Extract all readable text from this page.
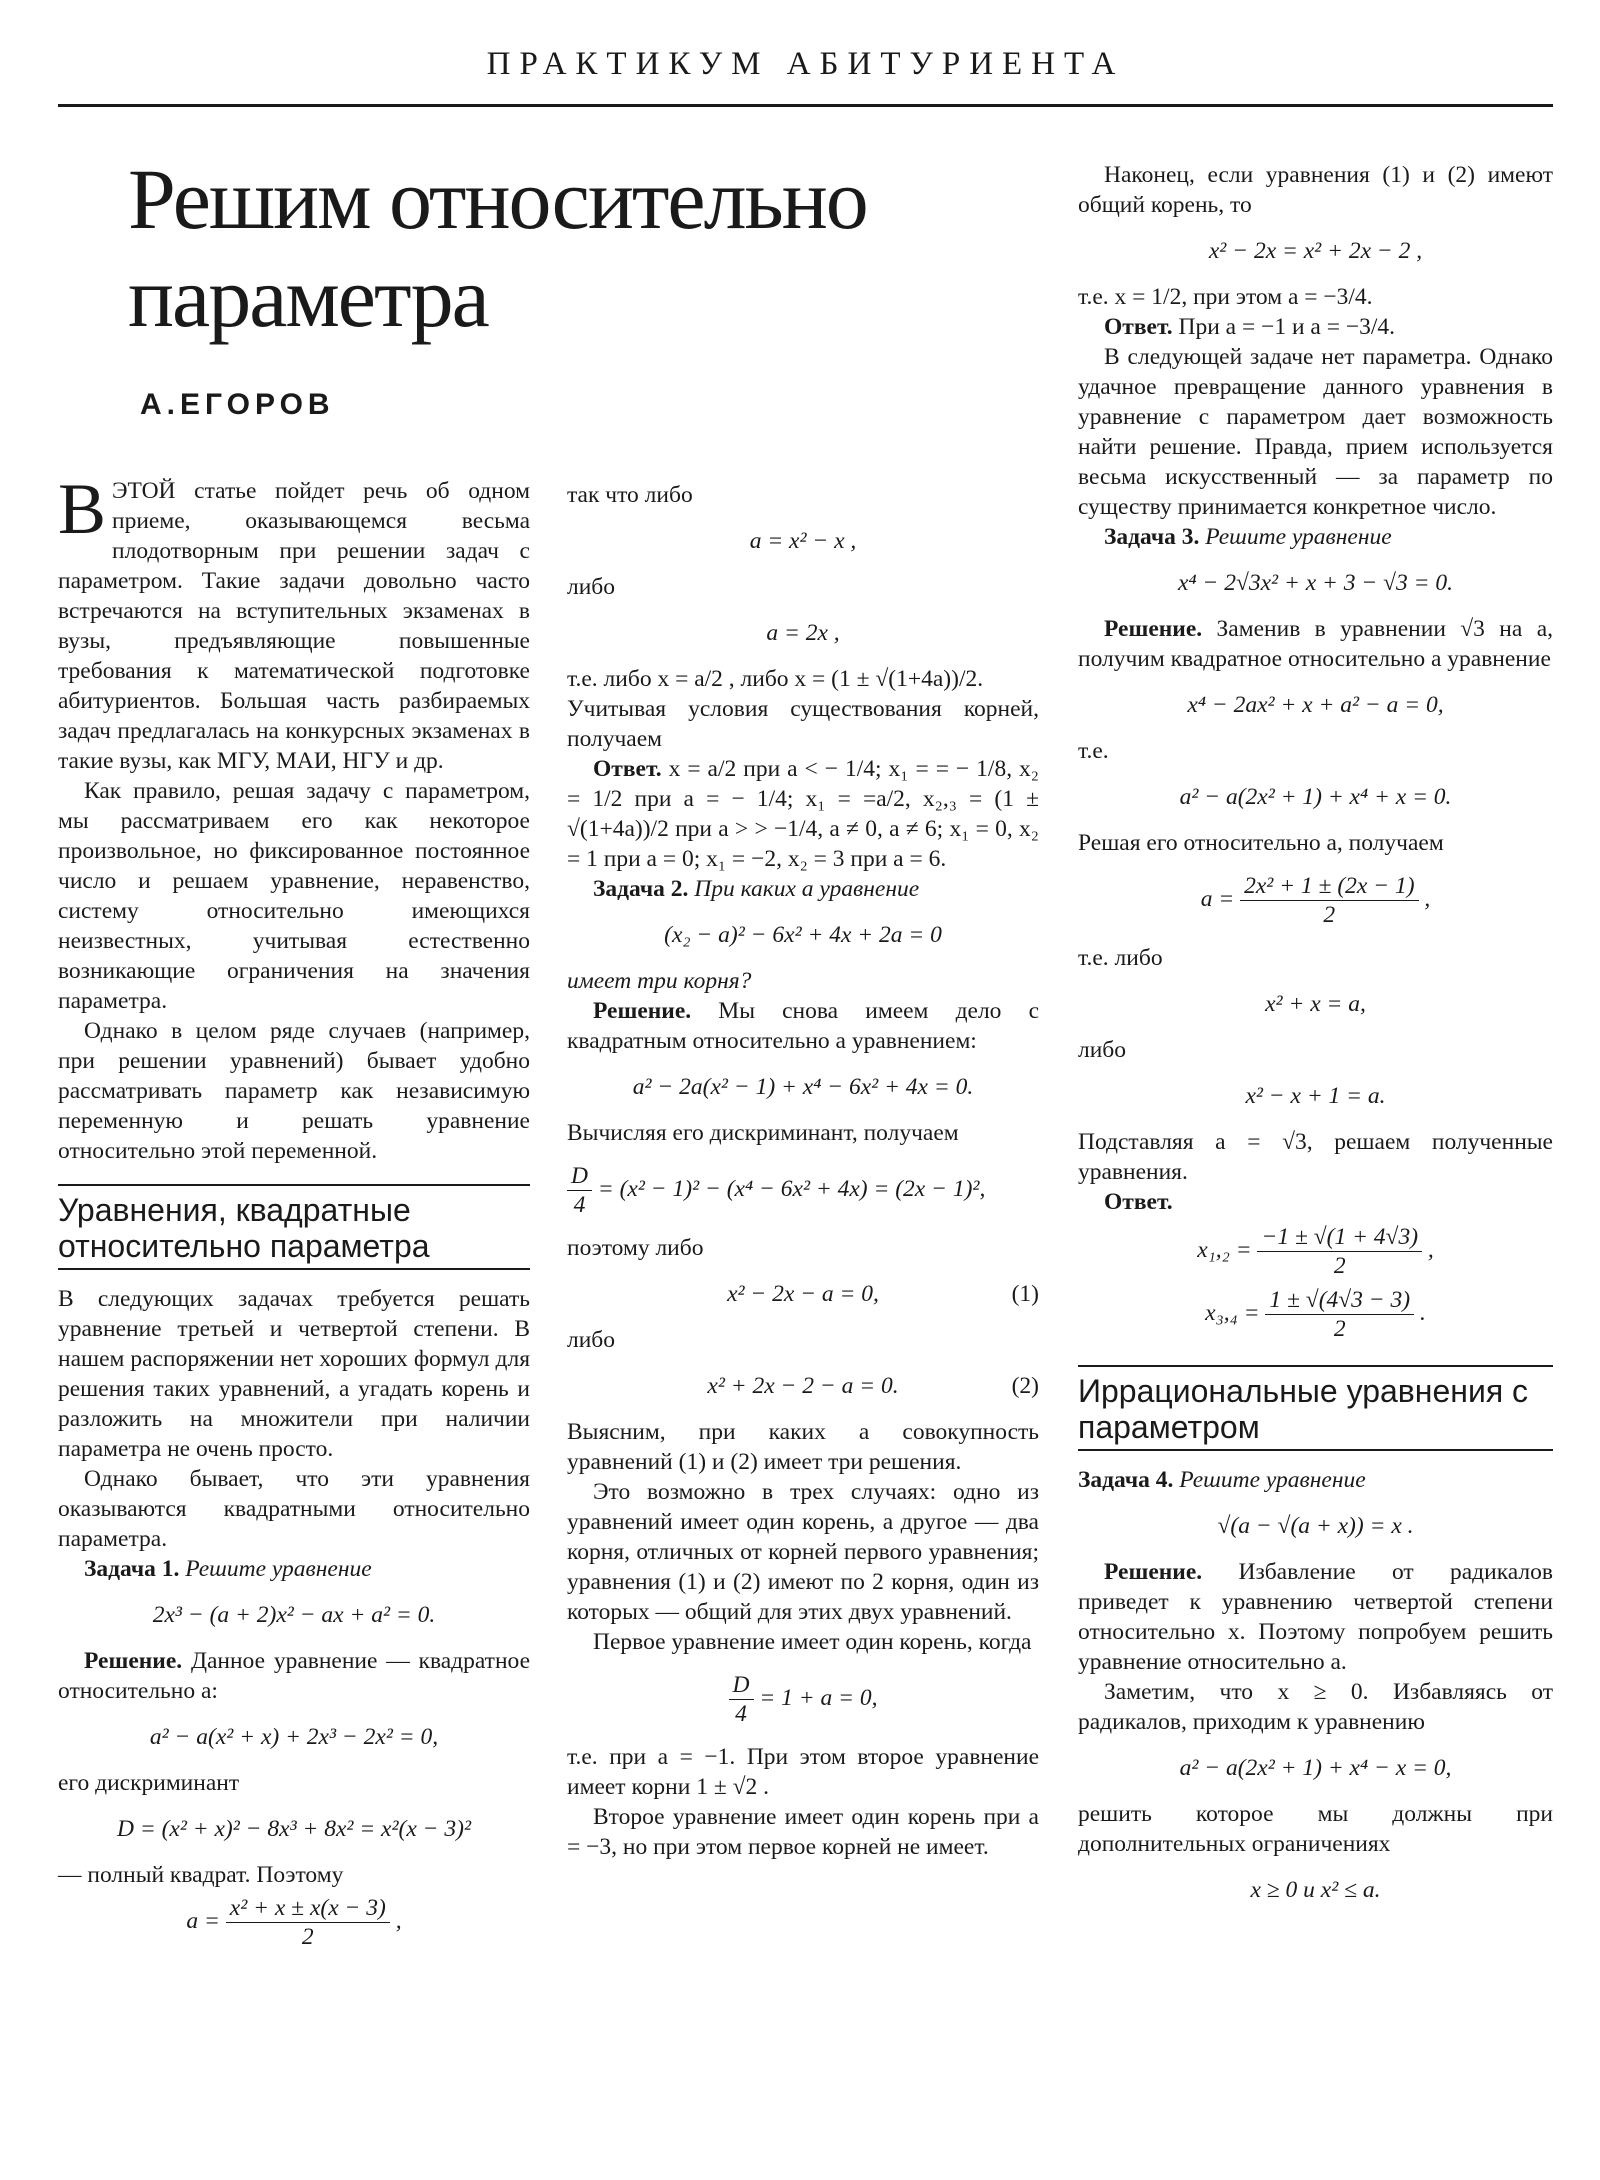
ПРАКТИКУМ АБИТУРИЕНТА
Решим относительно
параметра
А.ЕГОРОВ

ВЭТОЙ статье пойдет речь об одном приеме, оказывающемся весьма плодотворным при решении задач с параметром. Такие задачи довольно часто встречаются на вступительных экзаменах в вузы, предъявляющие повышенные требования к математической подготовке абитуриентов. Большая часть разбираемых задач предлагалась на конкурсных экзаменах в такие вузы, как МГУ, МАИ, НГУ и др.

Как правило, решая задачу с параметром, мы рассматриваем его как некоторое произвольное, но фиксированное постоянное число и решаем уравнение, неравенство, систему относительно имеющихся неизвестных, учитывая естественно возникающие ограничения на значения параметра.

Однако в целом ряде случаев (например, при решении уравнений) бывает удобно рассматривать параметр как независимую переменную и решать уравнение относительно этой переменной.

Уравнения, квадратные относительно параметра

В следующих задачах требуется решать уравнение третьей и четвертой степени. В нашем распоряжении нет хороших формул для решения таких уравнений, а угадать корень и разложить на множители при наличии параметра не очень просто.

Однако бывает, что эти уравнения оказываются квадратными относительно параметра.

Задача 1. Решите уравнение

2x³ − (a + 2)x² − ax + a² = 0.

Решение. Данное уравнение — квадратное относительно a:

a² − a(x² + x) + 2x³ − 2x² = 0,

его дискриминант

D = (x² + x)² − 8x³ + 8x² = x²(x − 3)²

— полный квадрат. Поэтому

$a = \frac{\text{x² + x ± x(x − 3)}}{2}$ ,

так что либо

a = x² − x ,

либо

a = 2x ,

т.е. либо x = a/2 , либо x = (1 ± √(1+4a))/2.

Учитывая условия существования корней, получаем

Ответ. x = a/2 при a < − 1/4; x₁ = = − 1/8, x₂ = 1/2 при a = − 1/4; x₁ = =a/2, x₂,₃ = (1 ± √(1+4a))/2 при a > > −1/4, a ≠ 0, a ≠ 6; x₁ = 0, x₂ = 1 при a = 0; x₁ = −2, x₂ = 3 при a = 6.

Задача 2. При каких a уравнение

(x₂ − a)² − 6x² + 4x + 2a = 0

имеет три корня?

Решение. Мы снова имеем дело с квадратным относительно a уравнением:

a² − 2a(x² − 1) + x⁴ − 6x² + 4x = 0.

Вычисляя его дискриминант, получаем

$\frac{D}{4} = (x^2 - 1)^2 - (x^4 - 6x^2 + 4x) = (2x - 1)^2$,

поэтому либо

x² − 2x − a = 0,	(1)

либо

x² + 2x − 2 − a = 0.	(2)

Выясним, при каких a совокупность уравнений (1) и (2) имеет три решения.

Это возможно в трех случаях: одно из уравнений имеет один корень, а другое — два корня, отличных от корней первого уравнения; уравнения (1) и (2) имеют по 2 корня, один из которых — общий для этих двух уравнений.

Первое уравнение имеет один корень, когда

$\frac{D}{4} = 1 + a = 0$,

т.е. при a = −1. При этом второе уравнение имеет корни 1 ± √2 .

Второе уравнение имеет один корень при a = −3, но при этом первое корней не имеет.

Наконец, если уравнения (1) и (2) имеют общий корень, то

x² − 2x = x² + 2x − 2 ,

т.е. x = 1/2, при этом a = −3/4.

Ответ. При a = −1 и a = −3/4.

В следующей задаче нет параметра. Однако удачное превращение данного уравнения в уравнение с параметром дает возможность найти решение. Правда, прием используется весьма искусственный — за параметр по существу принимается конкретное число.

Задача 3. Решите уравнение

x⁴ − 2√3x² + x + 3 − √3 = 0.

Решение. Заменив в уравнении √3 на a, получим квадратное относительно a уравнение

x⁴ − 2ax² + x + a² − a = 0,

т.е.

a² − a(2x² + 1) + x⁴ + x = 0.

Решая его относительно a, получаем

$a = \frac{\text{2x² + 1 ± (2x − 1)}}{2}$ ,

т.е. либо

x² + x = a,

либо

x² − x + 1 = a.

Подставляя a = √3, решаем полученные уравнения.

Ответ.

$x_1,_2 = \frac{-1 \pm √(1 + 4√3)}{2}$ ,
$x_3,_4 = \frac{1 \pm √(4√3 - 3)}{2}$ .
Иррациональные уравнения с параметром

Задача 4. Решите уравнение

√(a − √(a + x)) = x .

Решение. Избавление от радикалов приведет к уравнению четвертой степени относительно x. Поэтому попробуем решить уравнение относительно a.

Заметим, что x ≥ 0. Избавляясь от радикалов, приходим к уравнению

a² − a(2x² + 1) + x⁴ − x = 0,

решить которое мы должны при дополнительных ограничениях

x ≥ 0 и x² ≤ a.
